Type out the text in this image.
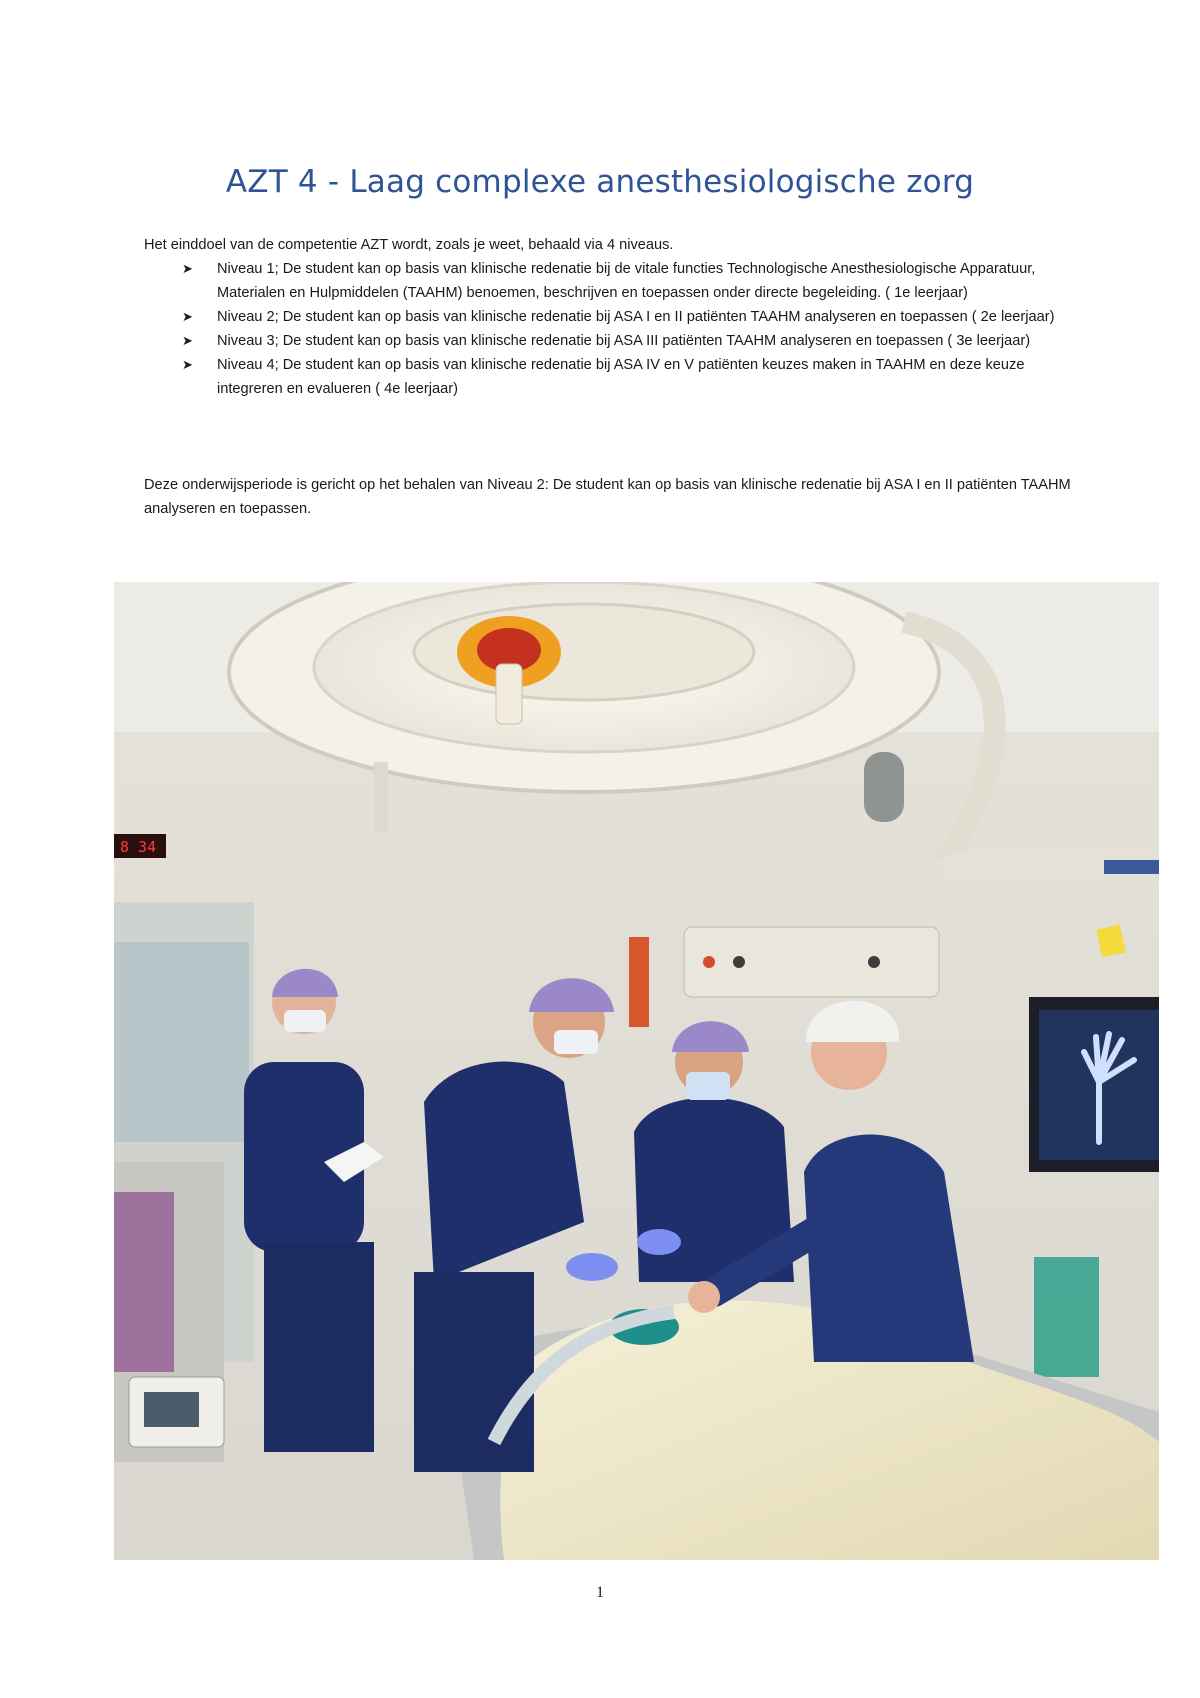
AZT 4 - Laag complexe anesthesiologische zorg
Het einddoel van de competentie AZT wordt, zoals je weet, behaald via 4 niveaus.
➤ Niveau 1; De student kan op basis van klinische redenatie bij de vitale functies Technologische Anesthesiologische Apparatuur, Materialen en Hulpmiddelen (TAAHM) benoemen, beschrijven en toepassen onder directe begeleiding. ( 1e leerjaar)
➤ Niveau 2; De student kan op basis van klinische redenatie bij ASA I en II patiënten TAAHM analyseren en toepassen ( 2e leerjaar)
➤ Niveau 3; De student kan op basis van klinische redenatie bij ASA III patiënten TAAHM analyseren en toepassen ( 3e leerjaar)
➤ Niveau 4; De student kan op basis van klinische redenatie bij ASA IV en V patiënten keuzes maken in TAAHM en deze keuze integreren en evalueren ( 4e leerjaar)
Deze onderwijsperiode is gericht op het behalen van Niveau 2: De student kan op basis van klinische redenatie bij ASA I en II patiënten TAAHM analyseren en toepassen.
8 34
1
